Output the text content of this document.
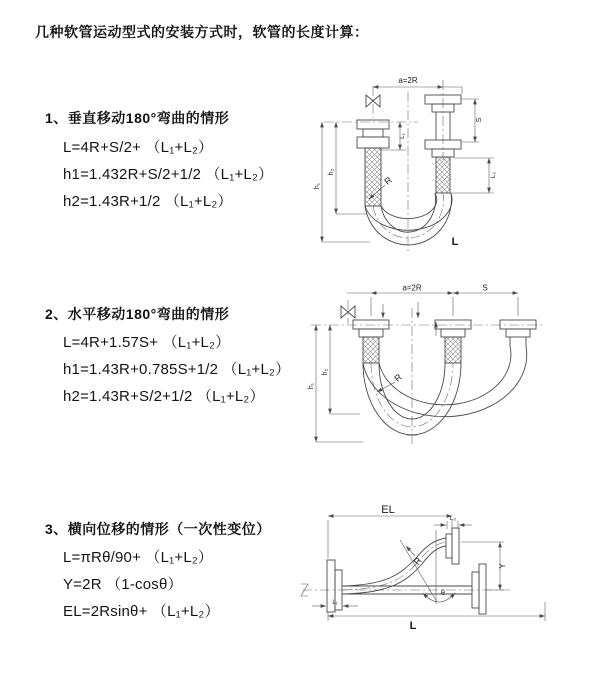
几种软管运动型式的安装方式时，软管的长度计算：
1、垂直移动180°弯曲的情形
L=4R+S/2+ （L₁+L₂）
h1=1.432R+S/2+1/2 （L₁+L₂）
h2=1.43R+1/2 （L₁+L₂）
2、水平移动180°弯曲的情形
L=4R+1.57S+ （L₁+L₂）
h1=1.43R+0.785S+1/2 （L₁+L₂）
h2=1.43R+S/2+1/2 （L₁+L₂）
3、横向位移的情形（一次性变位）
L=πRθ/90+ （L₁+L₂）
Y=2R （1-cosθ）
EL=2Rsinθ+ （L₁+L₂）
a=2R
h₁
h₂
L₁
S
L₂
R
L
a=2R	S
h₁
h₂	R
EL
L₂
Y
R
θ
L
L₁
